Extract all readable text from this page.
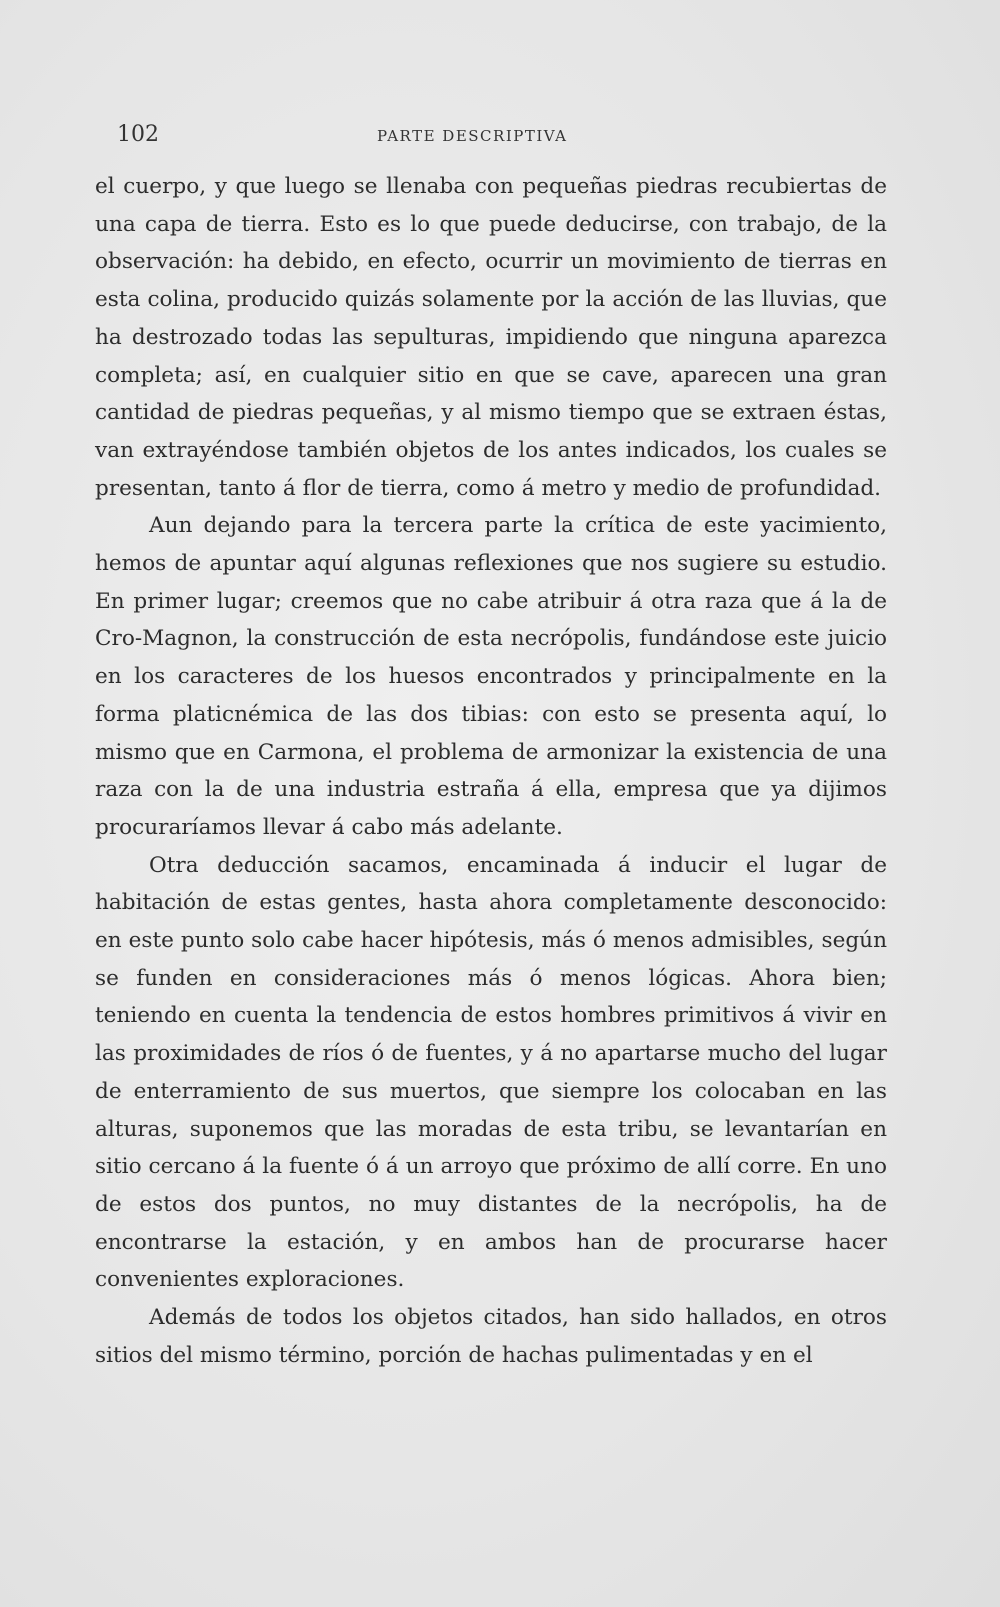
102	PARTE DESCRIPTIVA

el cuerpo, y que luego se llenaba con pequeñas piedras recubiertas de una capa de tierra. Esto es lo que puede deducirse, con trabajo, de la observación: ha debido, en efecto, ocurrir un movimiento de tierras en esta colina, producido quizás solamente por la acción de las lluvias, que ha destrozado todas las sepulturas, impidiendo que ninguna aparezca completa; así, en cualquier sitio en que se cave, aparecen una gran cantidad de piedras pequeñas, y al mismo tiempo que se extraen éstas, van extrayéndose también objetos de los antes indicados, los cuales se presentan, tanto á flor de tierra, como á metro y medio de profundidad.

Aun dejando para la tercera parte la crítica de este yacimiento, hemos de apuntar aquí algunas reflexiones que nos sugiere su estudio. En primer lugar; creemos que no cabe atribuir á otra raza que á la de Cro-Magnon, la construcción de esta necrópolis, fundándose este juicio en los caracteres de los huesos encontrados y principalmente en la forma platicnémica de las dos tibias: con esto se presenta aquí, lo mismo que en Carmona, el problema de armonizar la existencia de una raza con la de una industria estraña á ella, empresa que ya dijimos procuraríamos llevar á cabo más adelante.

Otra deducción sacamos, encaminada á inducir el lugar de habitación de estas gentes, hasta ahora completamente desconocido: en este punto solo cabe hacer hipótesis, más ó menos admisibles, según se funden en consideraciones más ó menos lógicas. Ahora bien; teniendo en cuenta la tendencia de estos hombres primitivos á vivir en las proximidades de ríos ó de fuentes, y á no apartarse mucho del lugar de enterramiento de sus muertos, que siempre los colocaban en las alturas, suponemos que las moradas de esta tribu, se levantarían en sitio cercano á la fuente ó á un arroyo que próximo de allí corre. En uno de estos dos puntos, no muy distantes de la necrópolis, ha de encontrarse la estación, y en ambos han de procurarse hacer convenientes exploraciones.

Además de todos los objetos citados, han sido hallados, en otros sitios del mismo término, porción de hachas pulimentadas y en el
